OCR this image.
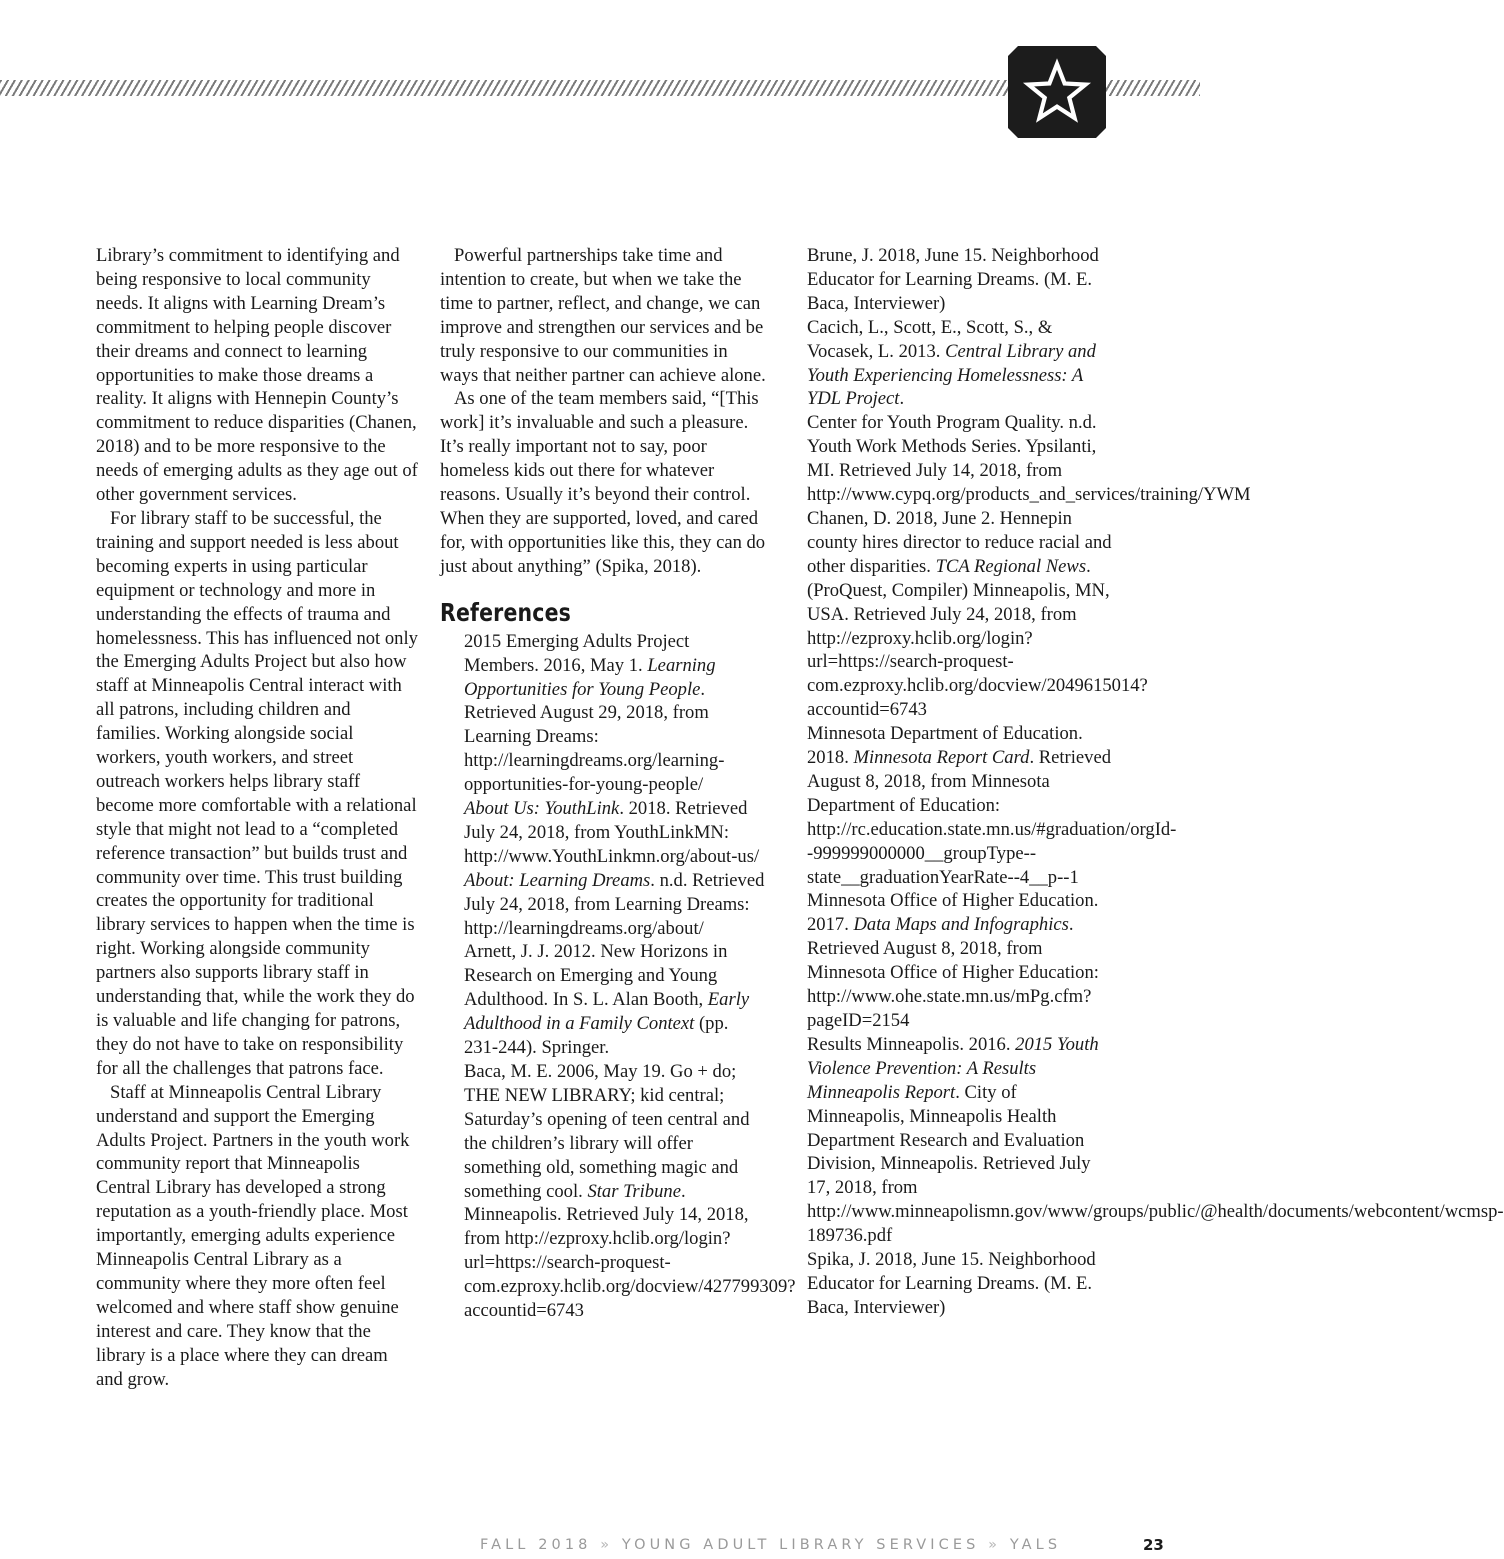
Library’s commitment to identifying and being responsive to local community needs. It aligns with Learning Dream’s commitment to helping people discover their dreams and connect to learning opportunities to make those dreams a reality. It aligns with Hennepin County’s commitment to reduce disparities (Chanen, 2018) and to be more responsive to the needs of emerging adults as they age out of other government services.

For library staff to be successful, the training and support needed is less about becoming experts in using particular equipment or technology and more in understanding the effects of trauma and homelessness. This has influenced not only the Emerging Adults Project but also how staff at Minneapolis Central interact with all patrons, including children and families. Working alongside social workers, youth workers, and street outreach workers helps library staff become more comfortable with a relational style that might not lead to a “completed reference transaction” but builds trust and community over time. This trust building creates the opportunity for traditional library services to happen when the time is right. Working alongside community partners also supports library staff in understanding that, while the work they do is valuable and life changing for patrons, they do not have to take on responsibility for all the challenges that patrons face.

Staff at Minneapolis Central Library understand and support the Emerging Adults Project. Partners in the youth work community report that Minneapolis Central Library has developed a strong reputation as a youth-friendly place. Most importantly, emerging adults experience Minneapolis Central Library as a community where they more often feel welcomed and where staff show genuine interest and care. They know that the library is a place where they can dream and grow.

Powerful partnerships take time and intention to create, but when we take the time to partner, reflect, and change, we can improve and strengthen our services and be truly responsive to our communities in ways that neither partner can achieve alone.

As one of the team members said, “[This work] it’s invaluable and such a pleasure. It’s really important not to say, poor homeless kids out there for whatever reasons. Usually it’s beyond their control. When they are supported, loved, and cared for, with opportunities like this, they can do just about anything” (Spika, 2018).

References

2015 Emerging Adults Project Members. 2016, May 1. Learning Opportunities for Young People. Retrieved August 29, 2018, from Learning Dreams: http://learningdreams.org/learning-opportunities-for-young-people/

About Us: YouthLink. 2018. Retrieved July 24, 2018, from YouthLinkMN: http://www.YouthLinkmn.org/about-us/

About: Learning Dreams. n.d. Retrieved July 24, 2018, from Learning Dreams: http://learningdreams.org/about/

Arnett, J. J. 2012. New Horizons in Research on Emerging and Young Adulthood. In S. L. Alan Booth, Early Adulthood in a Family Context (pp. 231-244). Springer.

Baca, M. E. 2006, May 19. Go + do; THE NEW LIBRARY; kid central; Saturday’s opening of teen central and the children’s library will offer something old, something magic and something cool. Star Tribune. Minneapolis. Retrieved July 14, 2018, from http://ezproxy.hclib.org/login?url=https://search-proquest-com.ezproxy.hclib.org/docview/427799309?accountid=6743

Brune, J. 2018, June 15. Neighborhood Educator for Learning Dreams. (M. E. Baca, Interviewer)

Cacich, L., Scott, E., Scott, S., & Vocasek, L. 2013. Central Library and Youth Experiencing Homelessness: A YDL Project.

Center for Youth Program Quality. n.d. Youth Work Methods Series. Ypsilanti, MI. Retrieved July 14, 2018, from http://www.cypq.org/products_and_services/training/YWM

Chanen, D. 2018, June 2. Hennepin county hires director to reduce racial and other disparities. TCA Regional News. (ProQuest, Compiler) Minneapolis, MN, USA. Retrieved July 24, 2018, from http://ezproxy.hclib.org/login?url=https://search-proquest-com.ezproxy.hclib.org/docview/2049615014?accountid=6743

Minnesota Department of Education. 2018. Minnesota Report Card. Retrieved August 8, 2018, from Minnesota Department of Education: http://rc.education.state.mn.us/#graduation/orgId--999999000000__groupType--state__graduationYearRate--4__p--1

Minnesota Office of Higher Education. 2017. Data Maps and Infographics. Retrieved August 8, 2018, from Minnesota Office of Higher Education: http://www.ohe.state.mn.us/mPg.cfm?pageID=2154

Results Minneapolis. 2016. 2015 Youth Violence Prevention: A Results Minneapolis Report. City of Minneapolis, Minneapolis Health Department Research and Evaluation Division, Minneapolis. Retrieved July 17, 2018, from http://www.minneapolismn.gov/www/groups/public/@health/documents/webcontent/wcmsp-189736.pdf

Spika, J. 2018, June 15. Neighborhood Educator for Learning Dreams. (M. E. Baca, Interviewer)

FALL 2018 » YOUNG ADULT LIBRARY SERVICES » YALS	23
